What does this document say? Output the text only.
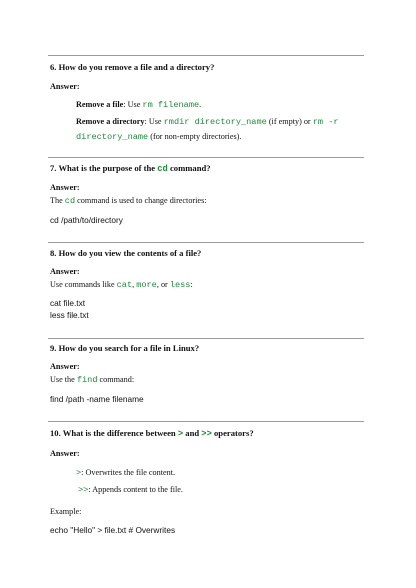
6. How do you remove a file and a directory?
Answer:
Remove a file: Use rm filename.
Remove a directory: Use rmdir directory_name (if empty) or rm -r
directory_name (for non-empty directories).
7. What is the purpose of the cd command?
Answer:
The cd command is used to change directories:
cd /path/to/directory
8. How do you view the contents of a file?
Answer:
Use commands like cat, more, or less:
cat file.txt
less file.txt
9. How do you search for a file in Linux?
Answer:
Use the find command:
find /path -name filename
10. What is the difference between > and >> operators?
Answer:
>: Overwrites the file content.
>>: Appends content to the file.
Example:
echo "Hello" > file.txt # Overwrites
